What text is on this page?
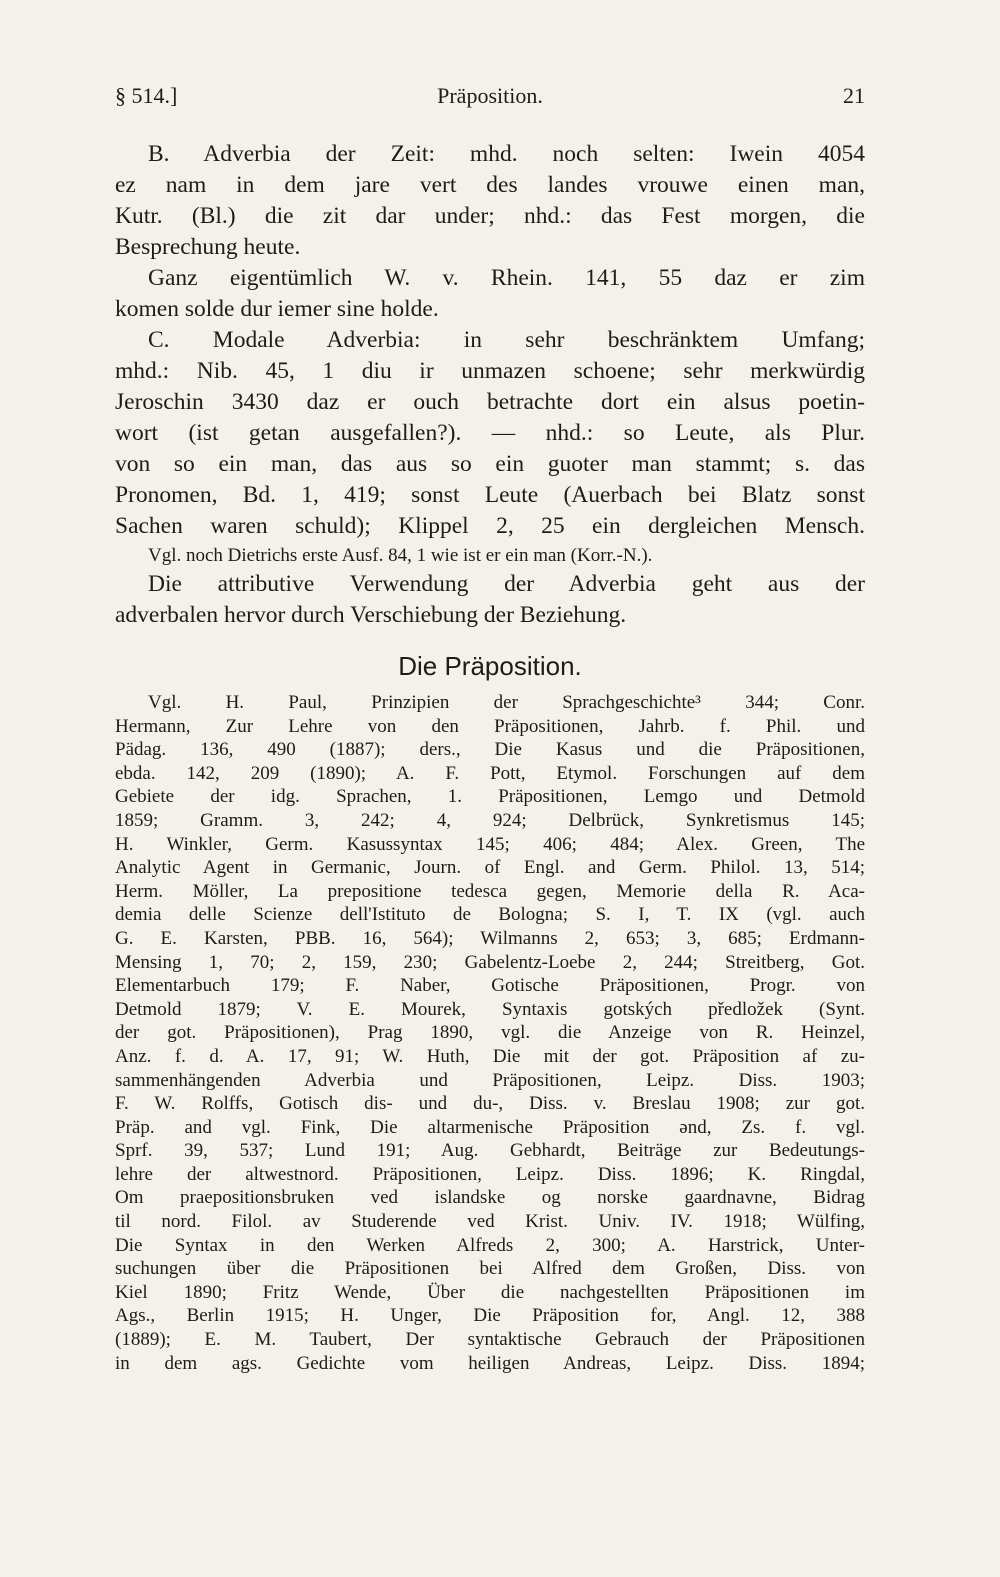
§ 514.]	Präposition.	21
B. Adverbia der Zeit: mhd. noch selten: Iwein 4054
ez nam in dem jare vert des landes vrouwe einen man,
Kutr. (Bl.) die zit dar under; nhd.: das Fest morgen, die
Besprechung heute.
Ganz eigentümlich W. v. Rhein. 141, 55 daz er zim
komen solde dur iemer sine holde.
C. Modale Adverbia: in sehr beschränktem Umfang;
mhd.: Nib. 45, 1 diu ir unmazen schoene; sehr merkwürdig
Jeroschin 3430 daz er ouch betrachte dort ein alsus poetin-
wort (ist getan ausgefallen?). — nhd.: so Leute, als Plur.
von so ein man, das aus so ein guoter man stammt; s. das
Pronomen, Bd. 1, 419; sonst Leute (Auerbach bei Blatz sonst
Sachen waren schuld); Klippel 2, 25 ein dergleichen Mensch.
Vgl. noch Dietrichs erste Ausf. 84, 1 wie ist er ein man (Korr.-N.).
Die attributive Verwendung der Adverbia geht aus der
adverbalen hervor durch Verschiebung der Beziehung.
Die Präposition.
Vgl. H. Paul, Prinzipien der Sprachgeschichte³ 344; Conr.
Hermann, Zur Lehre von den Präpositionen, Jahrb. f. Phil. und
Pädag. 136, 490 (1887); ders., Die Kasus und die Präpositionen,
ebda. 142, 209 (1890); A. F. Pott, Etymol. Forschungen auf dem
Gebiete der idg. Sprachen, 1. Präpositionen, Lemgo und Detmold
1859; Gramm. 3, 242; 4, 924; Delbrück, Synkretismus 145;
H. Winkler, Germ. Kasussyntax 145; 406; 484; Alex. Green, The
Analytic Agent in Germanic, Journ. of Engl. and Germ. Philol. 13, 514;
Herm. Möller, La prepositione tedesca gegen, Memorie della R. Aca-
demia delle Scienze dell'Istituto de Bologna; S. I, T. IX (vgl. auch
G. E. Karsten, PBB. 16, 564); Wilmanns 2, 653; 3, 685; Erdmann-
Mensing 1, 70; 2, 159, 230; Gabelentz-Loebe 2, 244; Streitberg, Got.
Elementarbuch 179; F. Naber, Gotische Präpositionen, Progr. von
Detmold 1879; V. E. Mourek, Syntaxis gotských předložek (Synt.
der got. Präpositionen), Prag 1890, vgl. die Anzeige von R. Heinzel,
Anz. f. d. A. 17, 91; W. Huth, Die mit der got. Präposition af zu-
sammenhängenden Adverbia und Präpositionen, Leipz. Diss. 1903;
F. W. Rolffs, Gotisch dis- und du-, Diss. v. Breslau 1908; zur got.
Präp. and vgl. Fink, Die altarmenische Präposition ənd, Zs. f. vgl.
Sprf. 39, 537; Lund 191; Aug. Gebhardt, Beiträge zur Bedeutungs-
lehre der altwestnord. Präpositionen, Leipz. Diss. 1896; K. Ringdal,
Om praepositionsbruken ved islandske og norske gaardnavne, Bidrag
til nord. Filol. av Studerende ved Krist. Univ. IV. 1918; Wülfing,
Die Syntax in den Werken Alfreds 2, 300; A. Harstrick, Unter-
suchungen über die Präpositionen bei Alfred dem Großen, Diss. von
Kiel 1890; Fritz Wende, Über die nachgestellten Präpositionen im
Ags., Berlin 1915; H. Unger, Die Präposition for, Angl. 12, 388
(1889); E. M. Taubert, Der syntaktische Gebrauch der Präpositionen
in dem ags. Gedichte vom heiligen Andreas, Leipz. Diss. 1894;
